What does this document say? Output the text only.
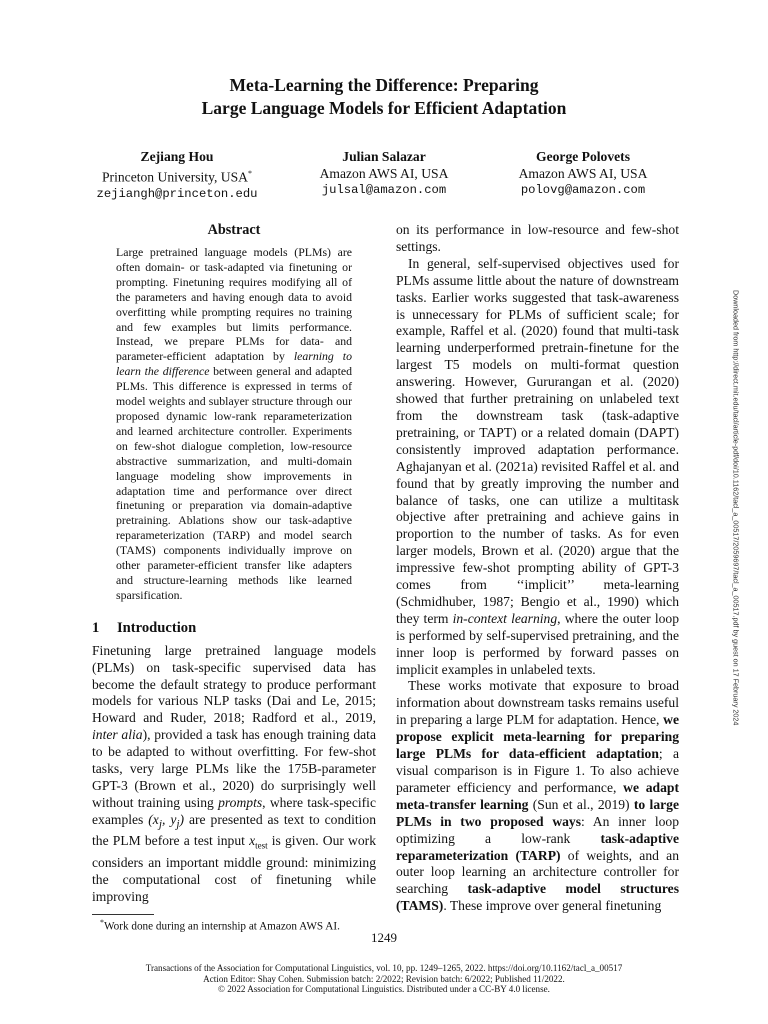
Meta-Learning the Difference: Preparing
Large Language Models for Efficient Adaptation
Zejiang Hou
Princeton University, USA*
zejiangh@princeton.edu
Julian Salazar
Amazon AWS AI, USA
julsal@amazon.com
George Polovets
Amazon AWS AI, USA
polovg@amazon.com
Abstract

Large pretrained language models (PLMs) are often domain- or task-adapted via finetuning or prompting. Finetuning requires modifying all of the parameters and having enough data to avoid overfitting while prompting requires no training and few examples but limits performance. Instead, we prepare PLMs for data- and parameter-efficient adaptation by learning to learn the difference between general and adapted PLMs. This difference is expressed in terms of model weights and sublayer structure through our proposed dynamic low-rank reparameterization and learned architecture controller. Experiments on few-shot dialogue completion, low-resource abstractive summarization, and multi-domain language modeling show improvements in adaptation time and performance over direct finetuning or preparation via domain-adaptive pretraining. Ablations show our task-adaptive reparameterization (TARP) and model search (TAMS) components individually improve on other parameter-efficient transfer like adapters and structure-learning methods like learned sparsification.

1 Introduction

Finetuning large pretrained language models (PLMs) on task-specific supervised data has become the default strategy to produce performant models for various NLP tasks (Dai and Le, 2015; Howard and Ruder, 2018; Radford et al., 2019, inter alia), provided a task has enough training data to be adapted to without overfitting. For few-shot tasks, very large PLMs like the 175B-parameter GPT-3 (Brown et al., 2020) do surprisingly well without training using prompts, where task-specific examples ($x_j$, $y_j$) are presented as text to condition the PLM before a test input $x_{test}$ is given. Our work considers an important middle ground: minimizing the computational cost of finetuning while improving

*Work done during an internship at Amazon AWS AI.

on its performance in low-resource and few-shot settings.

In general, self-supervised objectives used for PLMs assume little about the nature of downstream tasks. Earlier works suggested that task-awareness is unnecessary for PLMs of sufficient scale; for example, Raffel et al. (2020) found that multi-task learning underperformed pretrain-finetune for the largest T5 models on multi-format question answering. However, Gururangan et al. (2020) showed that further pretraining on unlabeled text from the downstream task (task-adaptive pretraining, or TAPT) or a related domain (DAPT) consistently improved adaptation performance. Aghajanyan et al. (2021a) revisited Raffel et al. and found that by greatly improving the number and balance of tasks, one can utilize a multitask objective after pretraining and achieve gains in proportion to the number of tasks. As for even larger models, Brown et al. (2020) argue that the impressive few-shot prompting ability of GPT-3 comes from ‘‘implicit’’ meta-learning (Schmidhuber, 1987; Bengio et al., 1990) which they term in-context learning, where the outer loop is performed by self-supervised pretraining, and the inner loop is performed by forward passes on implicit examples in unlabeled texts.

These works motivate that exposure to broad information about downstream tasks remains useful in preparing a large PLM for adaptation. Hence, we propose explicit meta-learning for preparing large PLMs for data-efficient adaptation; a visual comparison is in Figure 1. To also achieve parameter efficiency and performance, we adapt meta-transfer learning (Sun et al., 2019) to large PLMs in two proposed ways: An inner loop optimizing a low-rank task-adaptive reparameterization (TARP) of weights, and an outer loop learning an architecture controller for searching task-adaptive model structures (TAMS). These improve over general finetuning

Downloaded from http://direct.mit.edu/tacl/article-pdf/doi/10.1162/tacl_a_00517/2059697/tacl_a_00517.pdf by guest on 17 February 2024
1249
Transactions of the Association for Computational Linguistics, vol. 10, pp. 1249–1265, 2022. https://doi.org/10.1162/tacl_a_00517
Action Editor: Shay Cohen. Submission batch: 2/2022; Revision batch: 6/2022; Published 11/2022.
© 2022 Association for Computational Linguistics. Distributed under a CC-BY 4.0 license.
